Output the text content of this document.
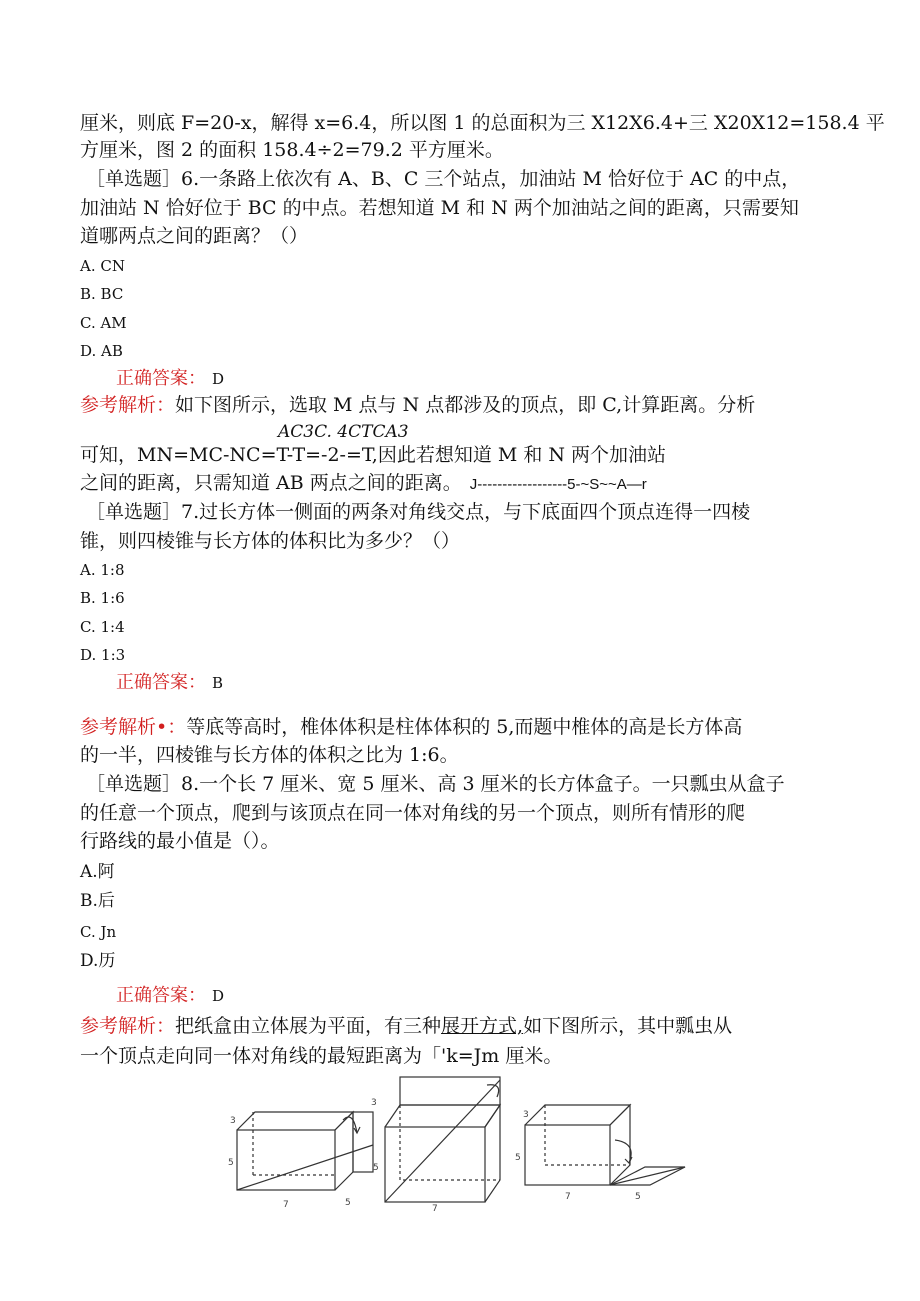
厘米，则底 F=20-x，解得 x=6.4，所以图 1 的总面积为三 X12X6.4+三 X20X12=158.4 平
方厘米，图 2 的面积 158.4÷2=79.2 平方厘米。
［单选题］6.一条路上依次有 A、B、C 三个站点，加油站 M 恰好位于 AC 的中点，
加油站 N 恰好位于 BC 的中点。若想知道 M 和 N 两个加油站之间的距离，只需要知
道哪两点之间的距离？（）
A. CN
B. BC
C. AM
D. AB
正确答案： D
参考解析：如下图所示，选取 M 点与 N 点都涉及的顶点，即 C,计算距离。分析
AC3C. 4CTCA3
可知，MN=MC-NC=T-T=-2-=T,因此若想知道 M 和 N 两个加油站
之间的距离，只需知道 AB 两点之间的距离。 J------------------5-~S~~A—r
［单选题］7.过长方体一侧面的两条对角线交点，与下底面四个顶点连得一四棱
锥，则四棱锥与长方体的体积比为多少？（）
A. 1:8
B. 1:6
C. 1:4
D. 1:3
正确答案： B
参考解析•：等底等高时，椎体体积是柱体体积的 5,而题中椎体的高是长方体高
的一半，四棱锥与长方体的体积之比为 1:6。
［单选题］8.一个长 7 厘米、宽 5 厘米、高 3 厘米的长方体盒子。一只瓢虫从盒子
的任意一个顶点，爬到与该顶点在同一体对角线的另一个顶点，则所有情形的爬
行路线的最小值是（）。
A.阿
B.后
C. Jn
D.历
正确答案： D
参考解析：把纸盒由立体展为平面，有三种展开方式,如下图所示，其中瓢虫从
一个顶点走向同一体对角线的最短距离为「'k=Jm 厘米。
3
5
7	5
3
5
7
3
5
7	5
